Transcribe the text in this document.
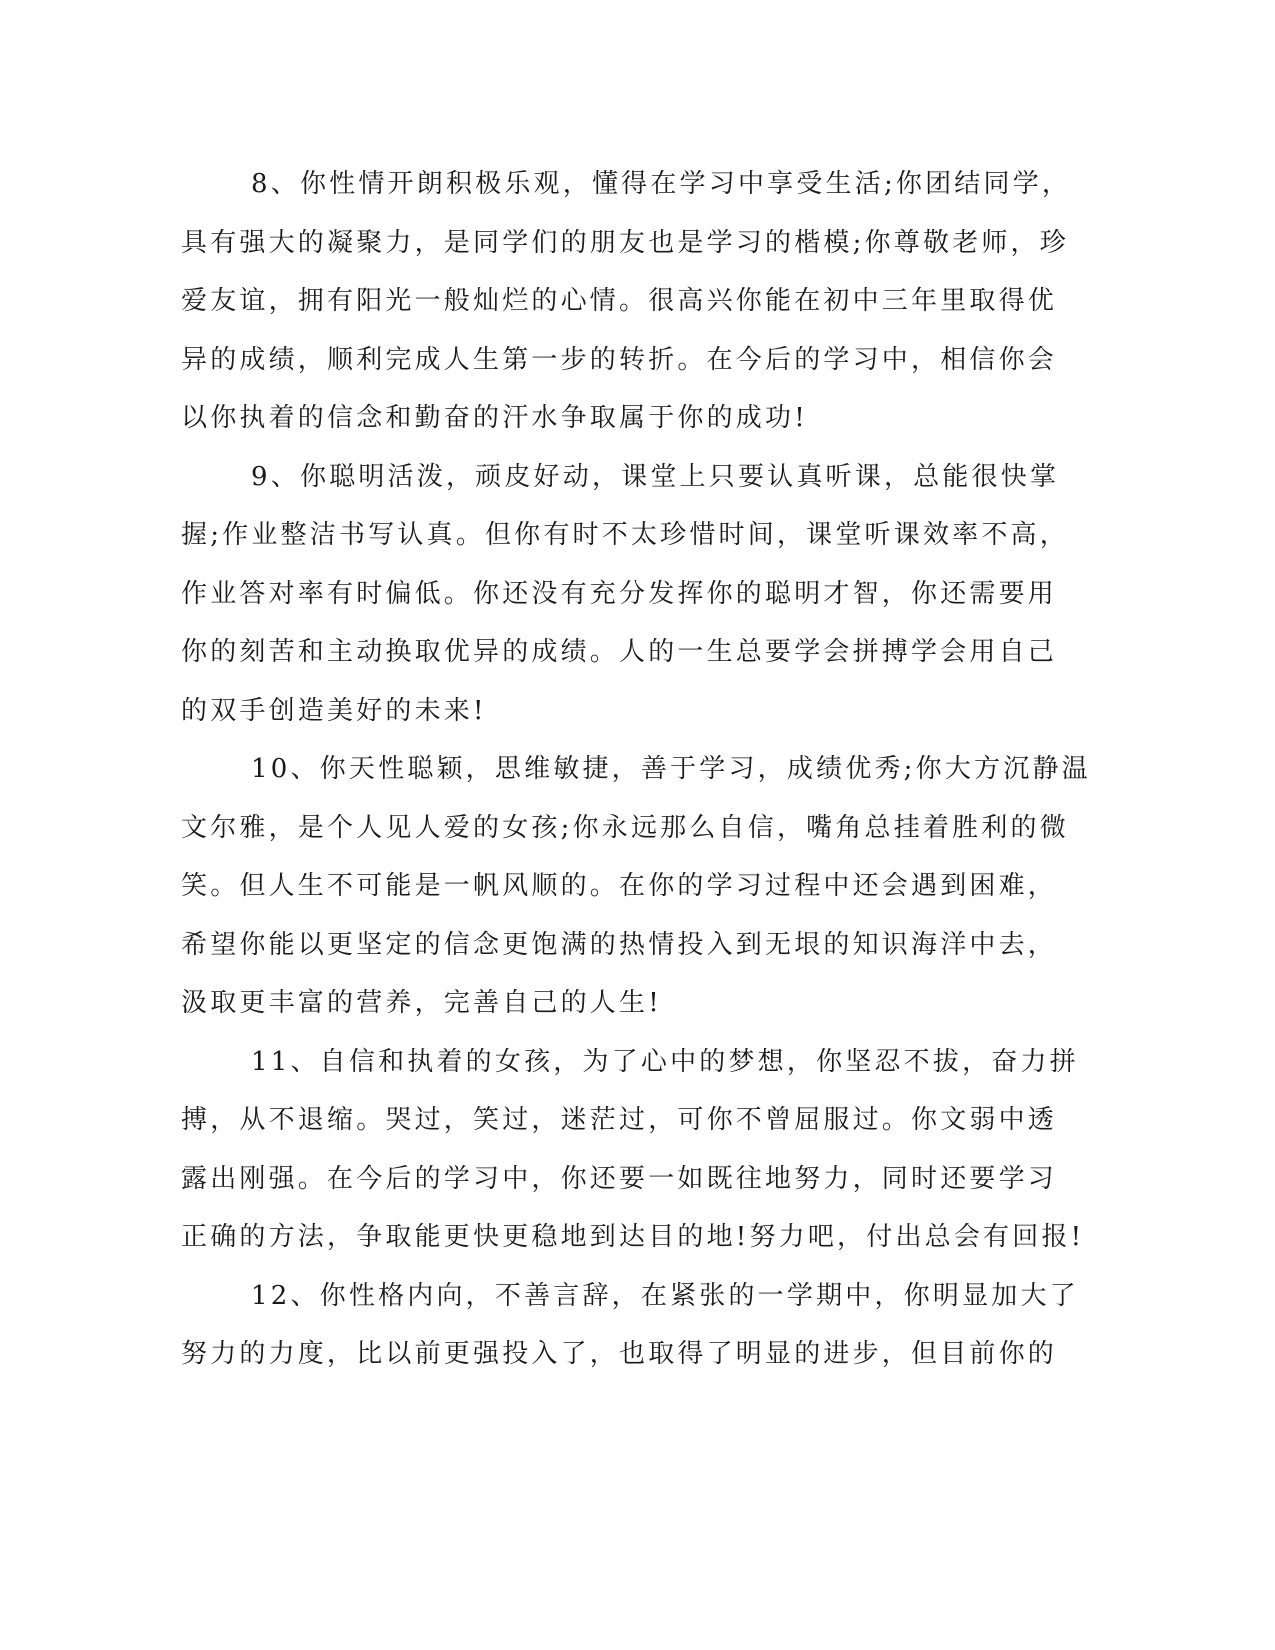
8、你性情开朗积极乐观，懂得在学习中享受生活;你团结同学，
具有强大的凝聚力，是同学们的朋友也是学习的楷模;你尊敬老师，珍
爱友谊，拥有阳光一般灿烂的心情。很高兴你能在初中三年里取得优
异的成绩，顺利完成人生第一步的转折。在今后的学习中，相信你会
以你执着的信念和勤奋的汗水争取属于你的成功!
9、你聪明活泼，顽皮好动，课堂上只要认真听课，总能很快掌
握;作业整洁书写认真。但你有时不太珍惜时间，课堂听课效率不高，
作业答对率有时偏低。你还没有充分发挥你的聪明才智，你还需要用
你的刻苦和主动换取优异的成绩。人的一生总要学会拼搏学会用自己
的双手创造美好的未来!
10、你天性聪颖，思维敏捷，善于学习，成绩优秀;你大方沉静温
文尔雅，是个人见人爱的女孩;你永远那么自信，嘴角总挂着胜利的微
笑。但人生不可能是一帆风顺的。在你的学习过程中还会遇到困难，
希望你能以更坚定的信念更饱满的热情投入到无垠的知识海洋中去，
汲取更丰富的营养，完善自己的人生!
11、自信和执着的女孩，为了心中的梦想，你坚忍不拔，奋力拼
搏，从不退缩。哭过，笑过，迷茫过，可你不曾屈服过。你文弱中透
露出刚强。在今后的学习中，你还要一如既往地努力，同时还要学习
正确的方法，争取能更快更稳地到达目的地!努力吧，付出总会有回报!
12、你性格内向，不善言辞，在紧张的一学期中，你明显加大了
努力的力度，比以前更强投入了，也取得了明显的进步，但目前你的
